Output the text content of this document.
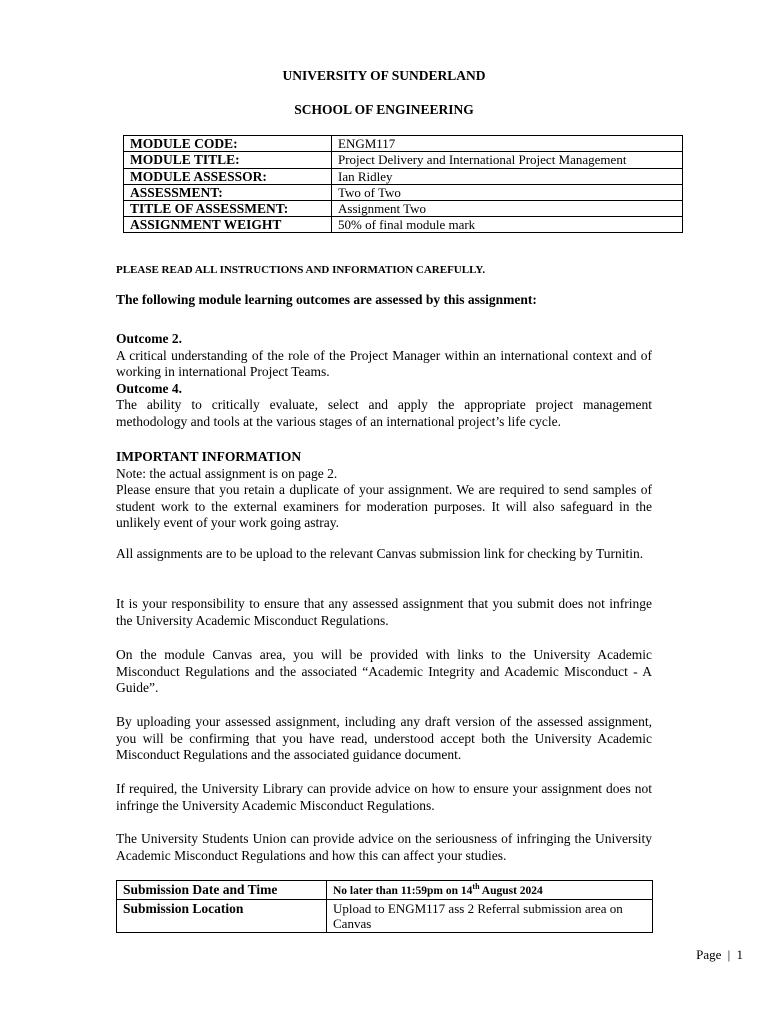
UNIVERSITY OF SUNDERLAND
SCHOOL OF ENGINEERING
MODULE CODE:	ENGM117
MODULE TITLE:	Project Delivery and International Project Management
MODULE ASSESSOR:	Ian Ridley
ASSESSMENT:	Two of Two
TITLE OF ASSESSMENT:	Assignment Two
ASSIGNMENT WEIGHT	50% of final module mark
PLEASE READ ALL INSTRUCTIONS AND INFORMATION CAREFULLY.
The following module learning outcomes are assessed by this assignment:

Outcome 2.

A critical understanding of the role of the Project Manager within an international context and of working in international Project Teams.

Outcome 4.

The ability to critically evaluate, select and apply the appropriate project management methodology and tools at the various stages of an international project’s life cycle.

IMPORTANT INFORMATION

Note: the actual assignment is on page 2.

Please ensure that you retain a duplicate of your assignment. We are required to send samples of student work to the external examiners for moderation purposes. It will also safeguard in the unlikely event of your work going astray.

All assignments are to be upload to the relevant Canvas submission link for checking by Turnitin.
It is your responsibility to ensure that any assessed assignment that you submit does not infringe the University Academic Misconduct Regulations.
On the module Canvas area, you will be provided with links to the University Academic Misconduct Regulations and the associated “Academic Integrity and Academic Misconduct - A Guide”.
By uploading your assessed assignment, including any draft version of the assessed assignment, you will be confirming that you have read, understood accept both the University Academic Misconduct Regulations and the associated guidance document.
If required, the University Library can provide advice on how to ensure your assignment does not infringe the University Academic Misconduct Regulations.
The University Students Union can provide advice on the seriousness of infringing the University Academic Misconduct Regulations and how this can affect your studies.
Submission Date and Time	No later than 11:59pm on 14th August 2024
Submission Location	Upload to ENGM117 ass 2 Referral submission area on Canvas
Page | 1
